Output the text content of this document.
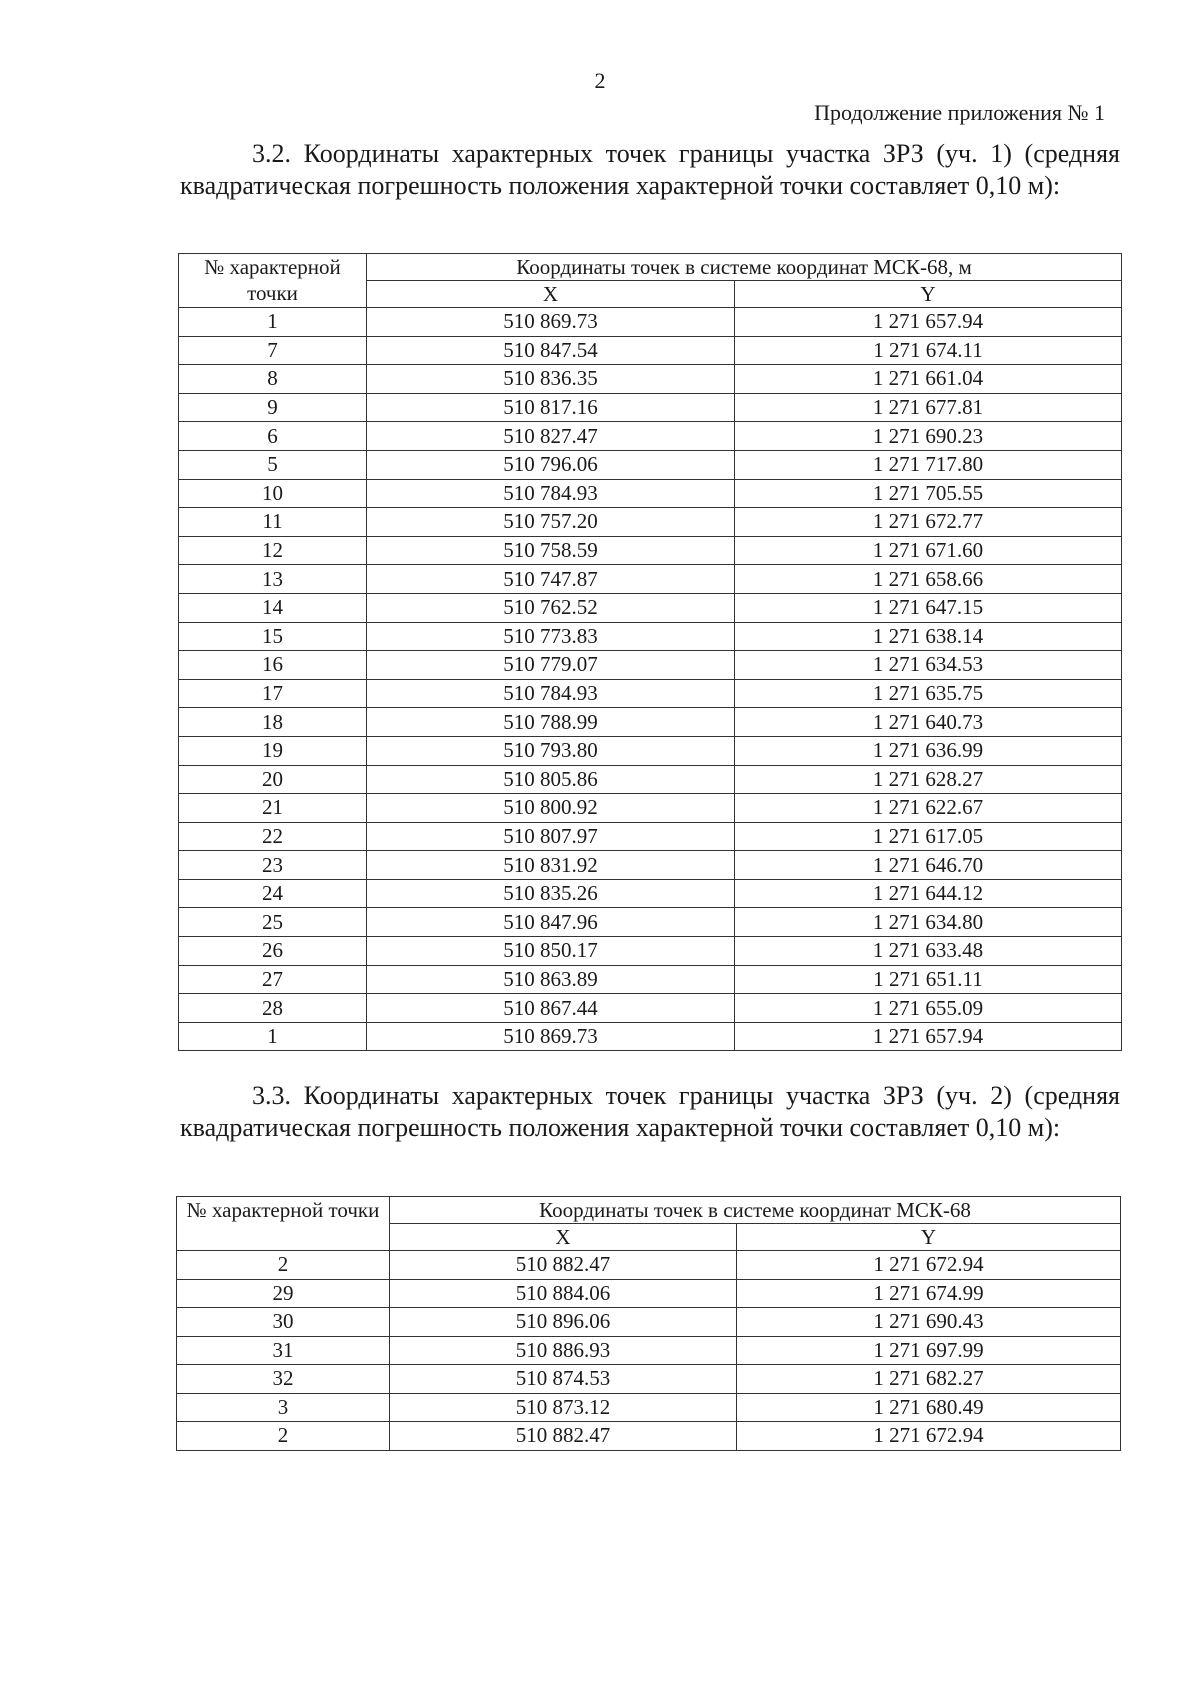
2
Продолжение приложения № 1
3.2. Координаты характерных точек границы участка ЗРЗ (уч. 1) (средняя квадратическая погрешность положения характерной точки составляет 0,10 м):
№ характерной точки	Координаты точек в системе координат МСК-68, м	
	X	Y
1	510 869.73	1 271 657.94
7	510 847.54	1 271 674.11
8	510 836.35	1 271 661.04
9	510 817.16	1 271 677.81
6	510 827.47	1 271 690.23
5	510 796.06	1 271 717.80
10	510 784.93	1 271 705.55
11	510 757.20	1 271 672.77
12	510 758.59	1 271 671.60
13	510 747.87	1 271 658.66
14	510 762.52	1 271 647.15
15	510 773.83	1 271 638.14
16	510 779.07	1 271 634.53
17	510 784.93	1 271 635.75
18	510 788.99	1 271 640.73
19	510 793.80	1 271 636.99
20	510 805.86	1 271 628.27
21	510 800.92	1 271 622.67
22	510 807.97	1 271 617.05
23	510 831.92	1 271 646.70
24	510 835.26	1 271 644.12
25	510 847.96	1 271 634.80
26	510 850.17	1 271 633.48
27	510 863.89	1 271 651.11
28	510 867.44	1 271 655.09
1	510 869.73	1 271 657.94
3.3. Координаты характерных точек границы участка ЗРЗ (уч. 2) (средняя квадратическая погрешность положения характерной точки составляет 0,10 м):
№ характерной точки	Координаты точек в системе координат МСК-68	
	X	Y
2	510 882.47	1 271 672.94
29	510 884.06	1 271 674.99
30	510 896.06	1 271 690.43
31	510 886.93	1 271 697.99
32	510 874.53	1 271 682.27
3	510 873.12	1 271 680.49
2	510 882.47	1 271 672.94
